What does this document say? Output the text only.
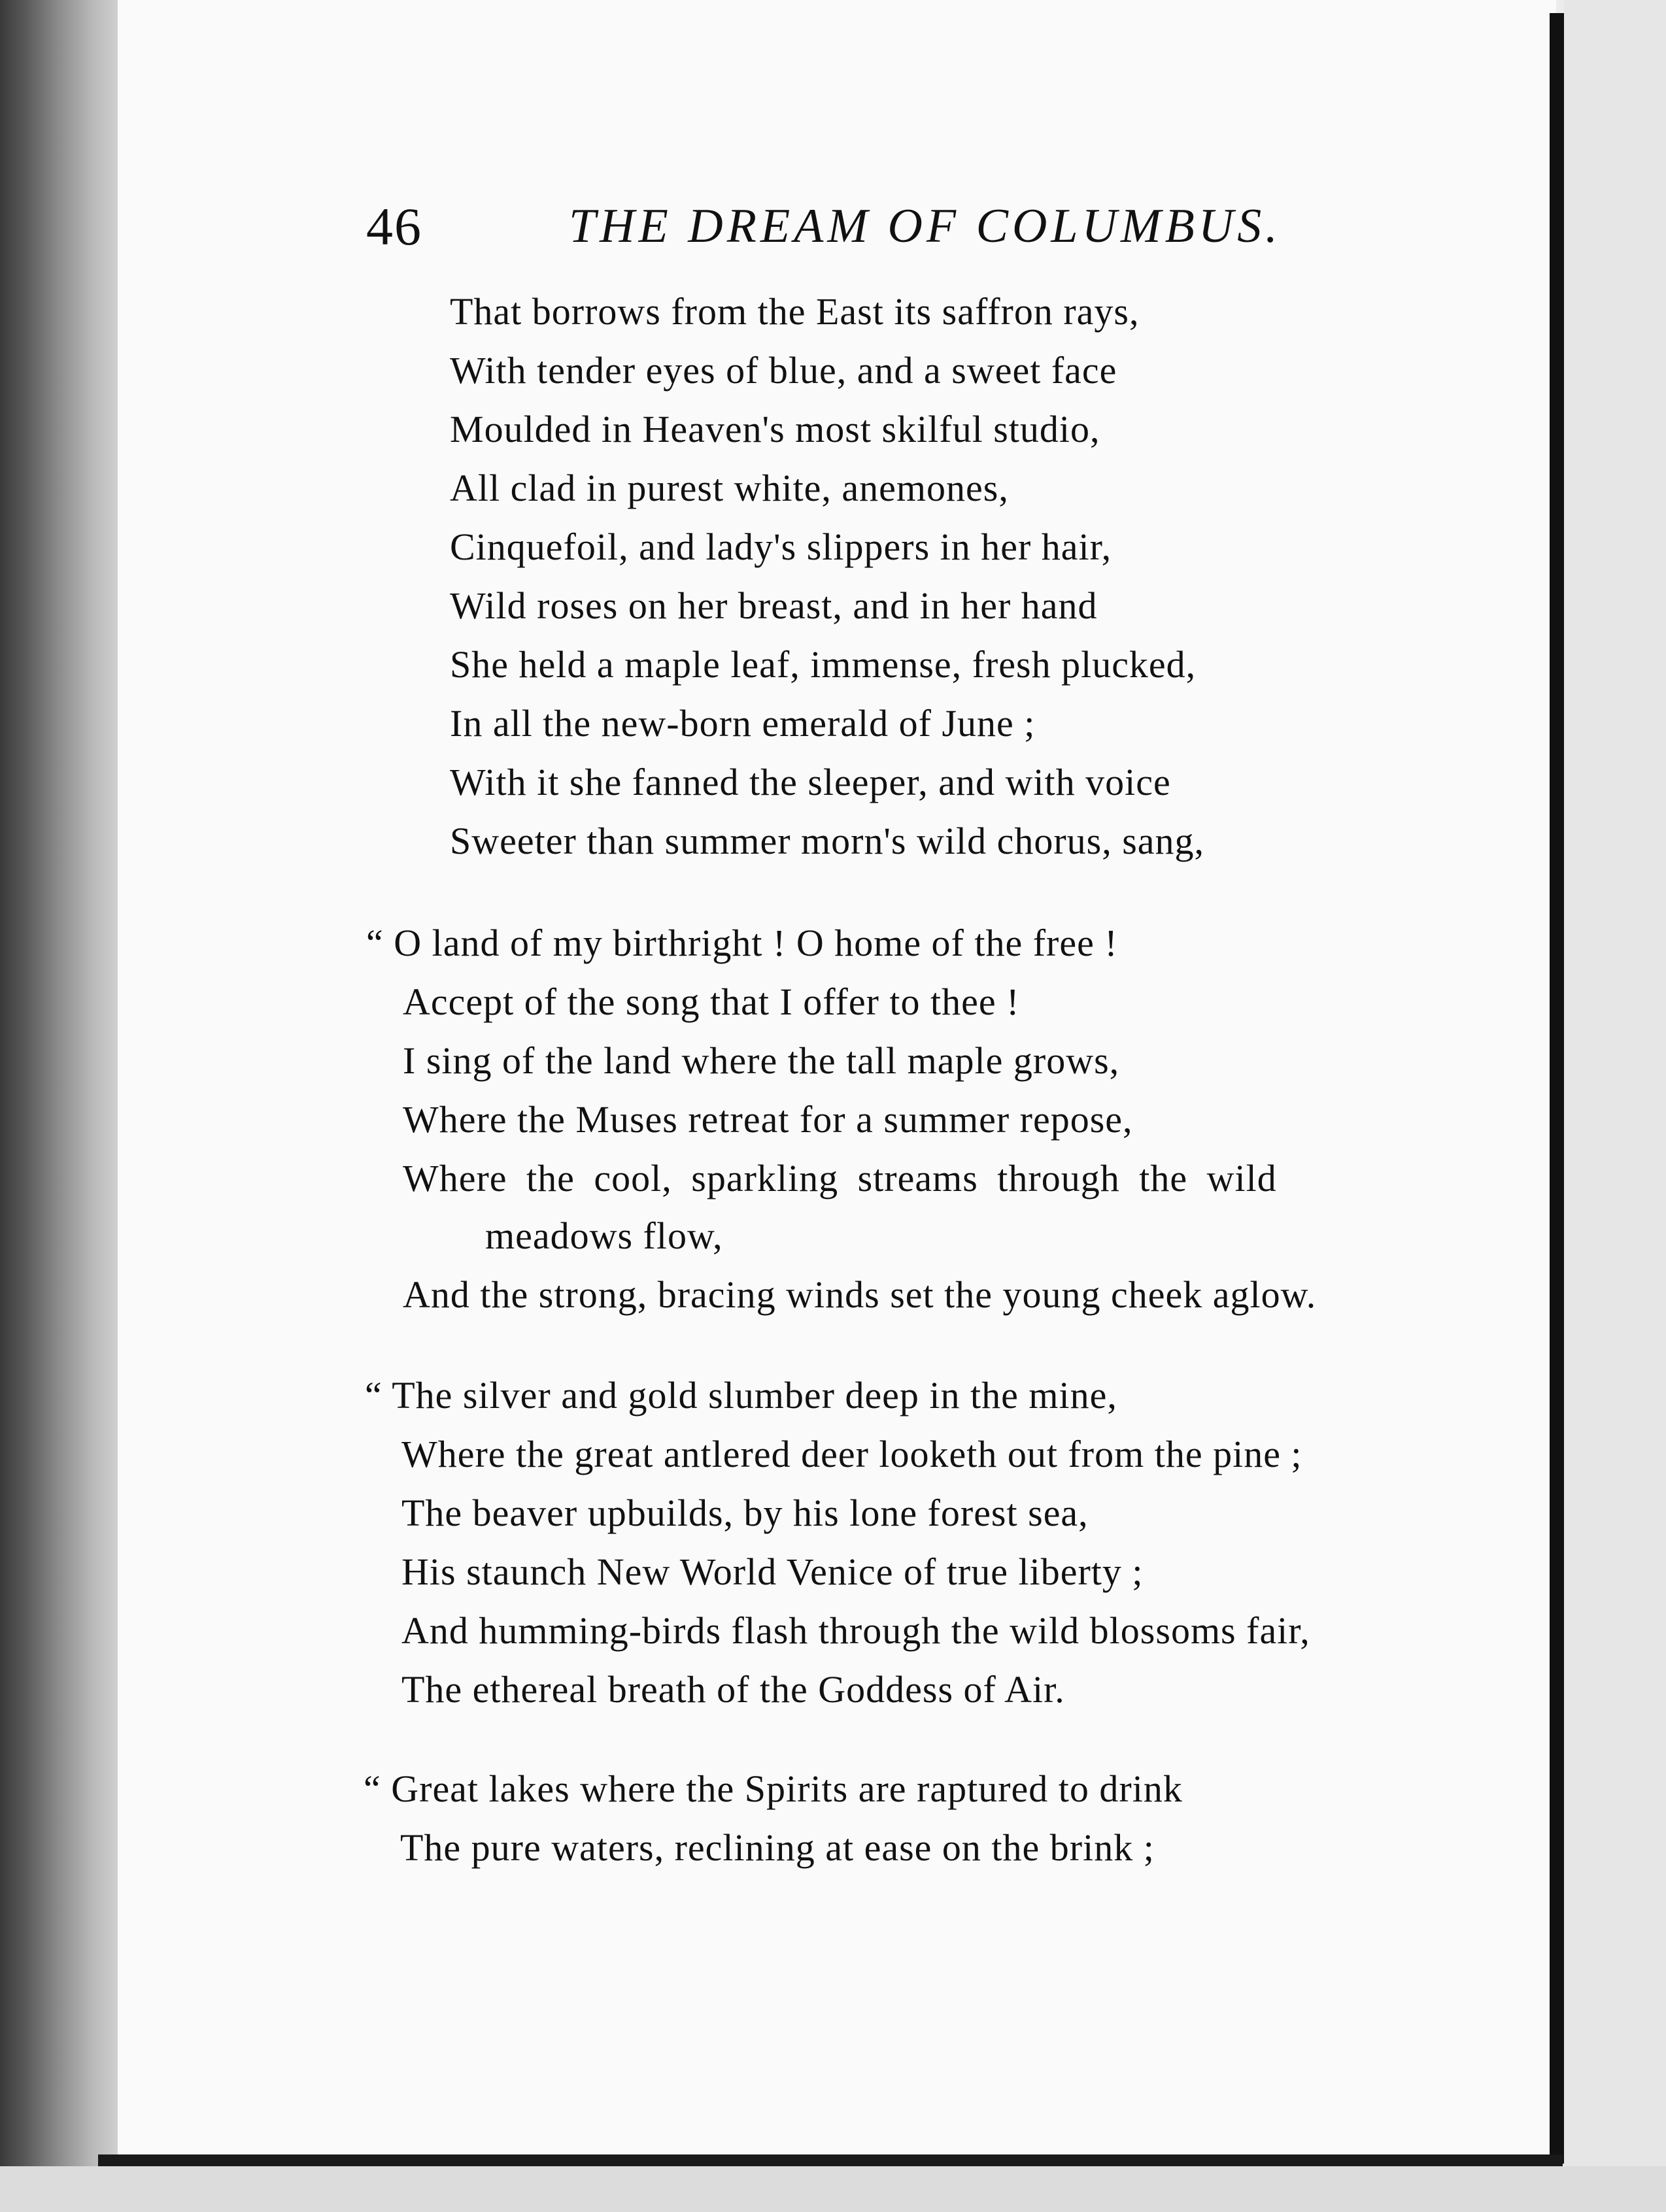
46	THE DREAM OF COLUMBUS.
That borrows from the East its saffron rays,
With tender eyes of blue, and a sweet face
Moulded in Heaven's most skilful studio,
All clad in purest white, anemones,
Cinquefoil, and lady's slippers in her hair,
Wild roses on her breast, and in her hand
She held a maple leaf, immense, fresh plucked,
In all the new-born emerald of June ;
With it she fanned the sleeper, and with voice
Sweeter than summer morn's wild chorus, sang,
“ O land of my birthright ! O home of the free !
Accept of the song that I offer to thee !
I sing of the land where the tall maple grows,
Where the Muses retreat for a summer repose,
Where the cool, sparkling streams through the wild
meadows flow,
And the strong, bracing winds set the young cheek aglow.
“ The silver and gold slumber deep in the mine,
Where the great antlered deer looketh out from the pine ;
The beaver upbuilds, by his lone forest sea,
His staunch New World Venice of true liberty ;
And humming-birds flash through the wild blossoms fair,
The ethereal breath of the Goddess of Air.
“ Great lakes where the Spirits are raptured to drink
The pure waters, reclining at ease on the brink ;
